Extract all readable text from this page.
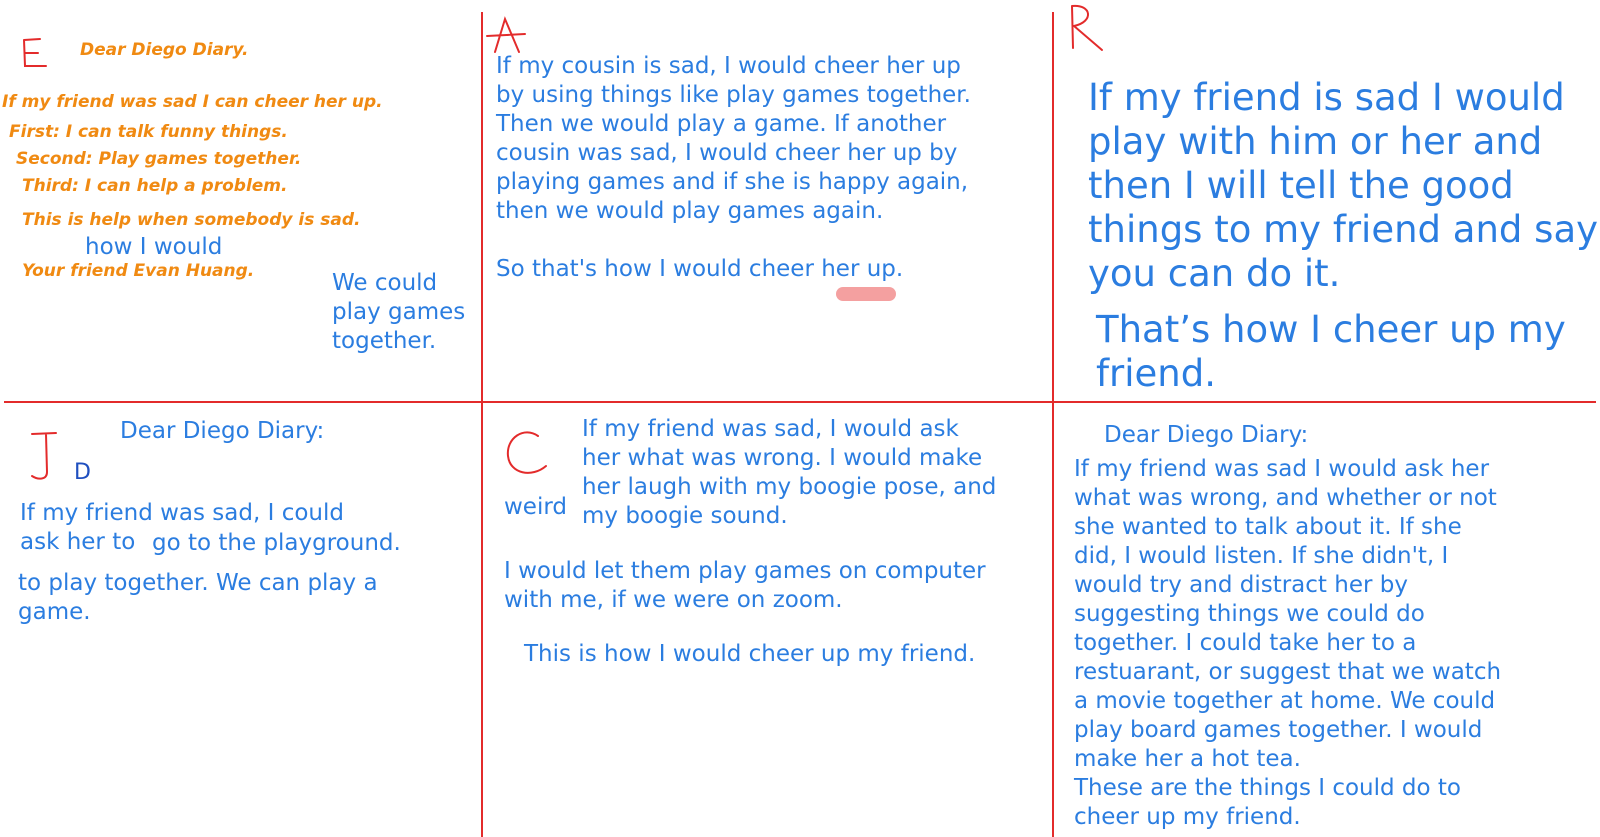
Dear Diego Diary.
If my friend was sad I can cheer her up.
First: I can talk funny things.
Second: Play games together.
Third: I can help a problem.
This is help when somebody is sad.
how I would
Your friend Evan Huang.	We could
play games
together.
If my cousin is sad, I would cheer her up
by using things like play games together.
Then we would play a game. If another
cousin was sad, I would cheer her up by
playing games and if she is happy again,
then we would play games again.
So that's how I would cheer her up.
If my friend is sad I would
play with him or her and
then I will tell the good
things to my friend and say
you can do it.
That’s how I cheer up my
friend.
D
Dear Diego Diary:
If my friend was sad, I could
ask her to go to the playground.
to play together. We can play a
game.
weird
If my friend was sad, I would ask
her what was wrong. I would make
her laugh with my boogie pose, and
my boogie sound.
I would let them play games on computer
with me, if we were on zoom.
This is how I would cheer up my friend.
Dear Diego Diary:
If my friend was sad I would ask her
what was wrong, and whether or not
she wanted to talk about it. If she
did, I would listen. If she didn't, I
would try and distract her by
suggesting things we could do
together. I could take her to a
restuarant, or suggest that we watch
a movie together at home. We could
play board games together. I would
make her a hot tea.
These are the things I could do to
cheer up my friend.
